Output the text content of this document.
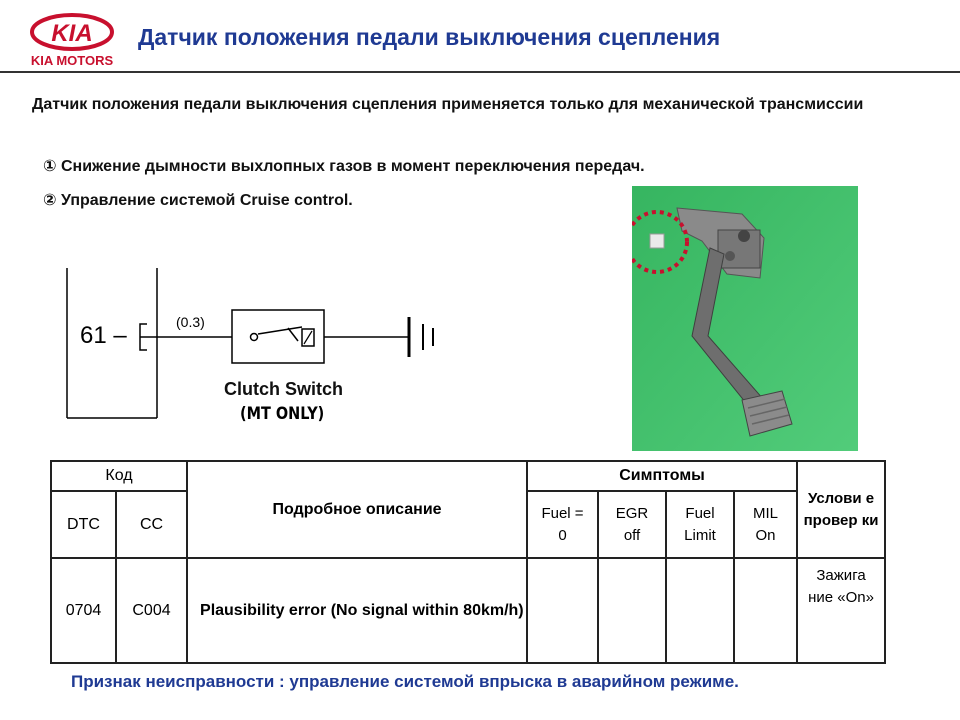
KIA
KIA MOTORS
Датчик положения педали выключения сцепления
Датчик положения педали выключения сцепления применяется только для механической трансмиссии
① Снижение дымности выхлопных газов в момент переключения передач.
② Управление системой Cruise control.
61 –	(0.3)
Clutch Switch
(MT ONLY)
Код		Подробное описание	Симптомы				Услови е провер ки
DTC	CC		Fuel = 0	EGR off	Fuel Limit	MIL On	
0704	C004	Plausibility error (No signal within 80km/h)					Зажига ние «On»
Признак неисправности : управление системой впрыска в аварийном режиме.
